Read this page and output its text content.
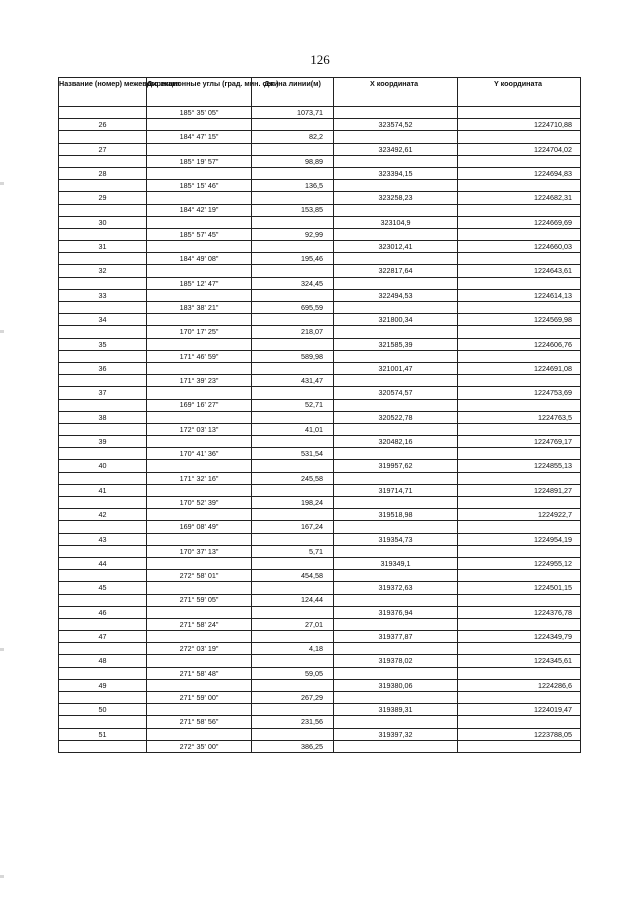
126
Название (номер) межевого знака	Дирекционные углы (град. мин. сек.)	Длина линии(м)	X координата	Y координата
	185° 35' 05"	1073,71		
26			323574,52	1224710,88
	184° 47' 15"	82,2		
27			323492,61	1224704,02
	185° 19' 57"	98,89		
28			323394,15	1224694,83
	185° 15' 46"	136,5		
29			323258,23	1224682,31
	184° 42' 19"	153,85		
30			323104,9	1224669,69
	185° 57' 45"	92,99		
31			323012,41	1224660,03
	184° 49' 08"	195,46		
32			322817,64	1224643,61
	185° 12' 47"	324,45		
33			322494,53	1224614,13
	183° 38' 21"	695,59		
34			321800,34	1224569,98
	170° 17' 25"	218,07		
35			321585,39	1224606,76
	171° 46' 59"	589,98		
36			321001,47	1224691,08
	171° 39' 23"	431,47		
37			320574,57	1224753,69
	169° 16' 27"	52,71		
38			320522,78	1224763,5
	172° 03' 13"	41,01		
39			320482,16	1224769,17
	170° 41' 36"	531,54		
40			319957,62	1224855,13
	171° 32' 16"	245,58		
41			319714,71	1224891,27
	170° 52' 39"	198,24		
42			319518,98	1224922,7
	169° 08' 49"	167,24		
43			319354,73	1224954,19
	170° 37' 13"	5,71		
44			319349,1	1224955,12
	272° 58' 01"	454,58		
45			319372,63	1224501,15
	271° 59' 05"	124,44		
46			319376,94	1224376,78
	271° 58' 24"	27,01		
47			319377,87	1224349,79
	272° 03' 19"	4,18		
48			319378,02	1224345,61
	271° 58' 48"	59,05		
49			319380,06	1224286,6
	271° 59' 00"	267,29		
50			319389,31	1224019,47
	271° 58' 56"	231,56		
51			319397,32	1223788,05
	272° 35' 00"	386,25		
